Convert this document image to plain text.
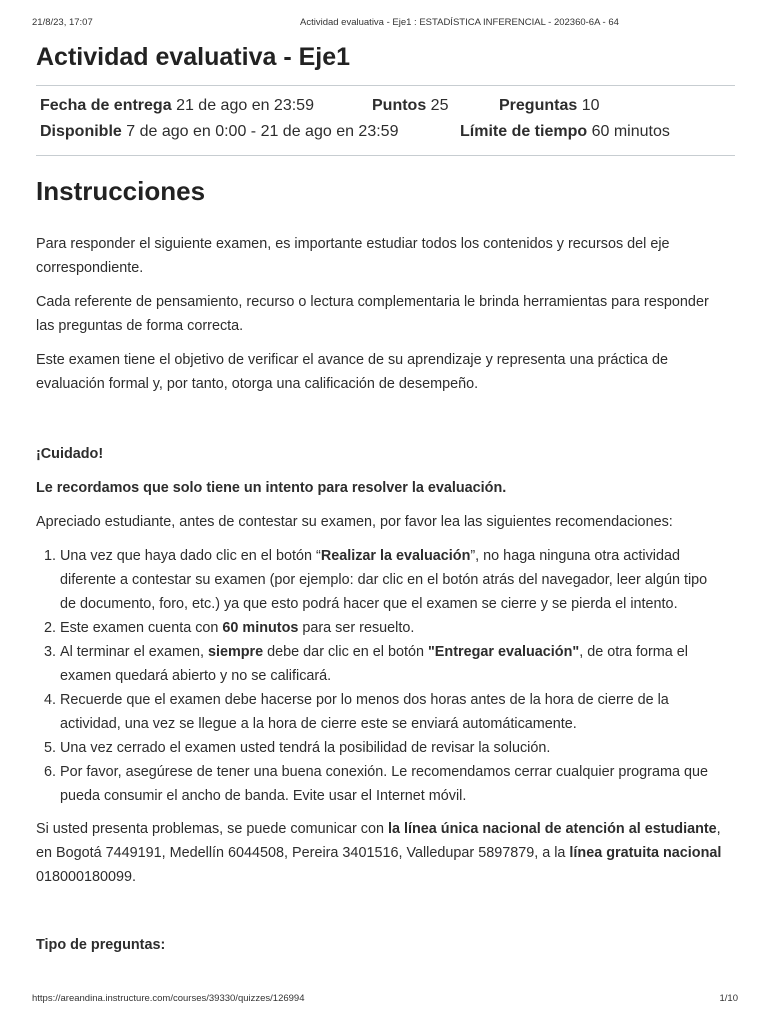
21/8/23, 17:07	Actividad evaluativa - Eje1 : ESTADÍSTICA INFERENCIAL - 202360-6A - 64
Actividad evaluativa - Eje1
Fecha de entrega 21 de ago en 23:59	Puntos 25	Preguntas 10
Disponible 7 de ago en 0:00 - 21 de ago en 23:59	Límite de tiempo 60 minutos
Instrucciones

Para responder el siguiente examen, es importante estudiar todos los contenidos y recursos del eje correspondiente.

Cada referente de pensamiento, recurso o lectura complementaria le brinda herramientas para responder las preguntas de forma correcta.

Este examen tiene el objetivo de verificar el avance de su aprendizaje y representa una práctica de evaluación formal y, por tanto, otorga una calificación de desempeño.

¡Cuidado!

Le recordamos que solo tiene un intento para resolver la evaluación.

Apreciado estudiante, antes de contestar su examen, por favor lea las siguientes recomendaciones:

1. Una vez que haya dado clic en el botón “Realizar la evaluación”, no haga ninguna otra actividad diferente a contestar su examen (por ejemplo: dar clic en el botón atrás del navegador, leer algún tipo de documento, foro, etc.) ya que esto podrá hacer que el examen se cierre y se pierda el intento.
2. Este examen cuenta con 60 minutos para ser resuelto.
3. Al terminar el examen, siempre debe dar clic en el botón "Entregar evaluación", de otra forma el examen quedará abierto y no se calificará.
4. Recuerde que el examen debe hacerse por lo menos dos horas antes de la hora de cierre de la actividad, una vez se llegue a la hora de cierre este se enviará automáticamente.
5. Una vez cerrado el examen usted tendrá la posibilidad de revisar la solución.
6. Por favor, asegúrese de tener una buena conexión. Le recomendamos cerrar cualquier programa que pueda consumir el ancho de banda. Evite usar el Internet móvil.

Si usted presenta problemas, se puede comunicar con la línea única nacional de atención al estudiante, en Bogotá 7449191, Medellín 6044508, Pereira 3401516, Valledupar 5897879, a la línea gratuita nacional 018000180099.

Tipo de preguntas:

https://areandina.instructure.com/courses/39330/quizzes/126994	1/10
